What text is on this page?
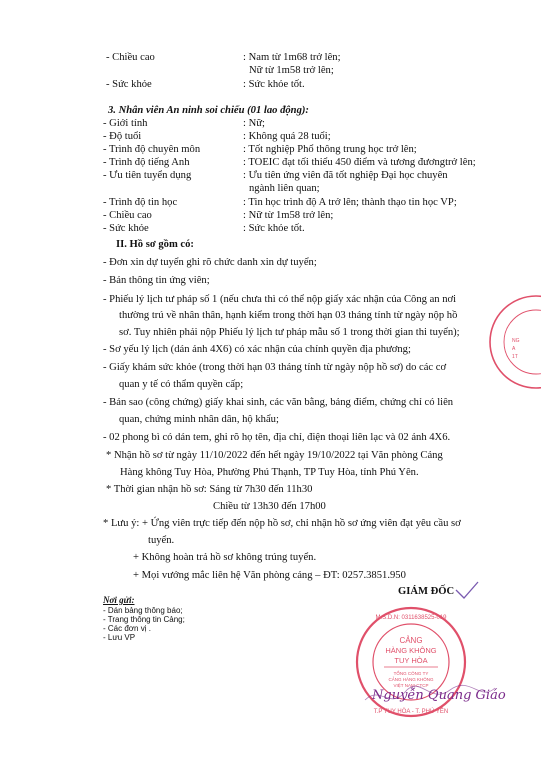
- Chiều cao	: Nam từ 1m68 trở lên;
Nữ từ 1m58 trở lên;
- Sức khỏe	: Sức khỏe tốt.
3. Nhân viên An ninh soi chiếu (01 lao động):
- Giới tính	: Nữ;
- Độ tuổi	: Không quá 28 tuổi;
- Trình độ chuyên môn	: Tốt nghiệp Phổ thông trung học trở lên;
- Trình độ tiếng Anh	: TOEIC đạt tối thiểu 450 điểm và tương đươngtrở lên;
- Ưu tiên tuyển dụng	: Ưu tiên ứng viên đã tốt nghiệp Đại học chuyên
ngành liên quan;
- Trình độ tin học	: Tin học trình độ A trở lên; thành thạo tin học VP;
- Chiều cao	: Nữ từ 1m58 trở lên;
- Sức khỏe	: Sức khỏe tốt.
II. Hồ sơ gồm có:
- Đơn xin dự tuyển ghi rõ chức danh xin dự tuyển;
- Bản thông tin ứng viên;
- Phiếu lý lịch tư pháp số 1 (nếu chưa thì có thể nộp giấy xác nhận của Công an nơi
thường trú về nhân thân, hạnh kiểm trong thời hạn 03 tháng tính từ ngày nộp hồ
sơ. Tuy nhiên phải nộp Phiếu lý lịch tư pháp mẫu số 1 trong thời gian thi tuyển);
- Sơ yếu lý lịch (dán ảnh 4X6) có xác nhận của chính quyền địa phương;
- Giấy khám sức khỏe (trong thời hạn 03 tháng tính từ ngày nộp hồ sơ) do các cơ
quan y tế có thẩm quyền cấp;
- Bản sao (công chứng) giấy khai sinh, các văn bằng, bảng điểm, chứng chỉ có liên
quan, chứng minh nhân dân, hộ khẩu;
- 02 phong bì có dán tem, ghi rõ họ tên, địa chỉ, điện thoại liên lạc và 02 ảnh 4X6.
* Nhận hồ sơ từ ngày 11/10/2022 đến hết ngày 19/10/2022 tại Văn phòng Cảng
Hàng không Tuy Hòa, Phường Phú Thạnh, TP Tuy Hòa, tỉnh Phú Yên.
* Thời gian nhận hồ sơ: Sáng từ 7h30 đến 11h30
Chiều từ 13h30 đến 17h00
* Lưu ý: + Ứng viên trực tiếp đến nộp hồ sơ, chỉ nhận hồ sơ ứng viên đạt yêu cầu sơ
tuyển.
+ Không hoàn trả hồ sơ không trúng tuyển.
+ Mọi vướng mắc liên hệ Văn phòng cảng – ĐT: 0257.3851.950
Nơi gửi:
- Dán bảng thông báo;
- Trang thông tin Cảng;
- Các đơn vị .
- Lưu VP
GIÁM ĐỐC
CẢNG
HÀNG KHÔNG
TUY HÒA
TỔNG CÔNG TY
CẢNG HÀNG KHÔNG
VIỆT NAM-CTCP
M.S.D.N: 0311638525-019
T.P TUY HÒA - T. PHÚ YÊN
NG
A
1T
Nguyễn Quang Giáo
